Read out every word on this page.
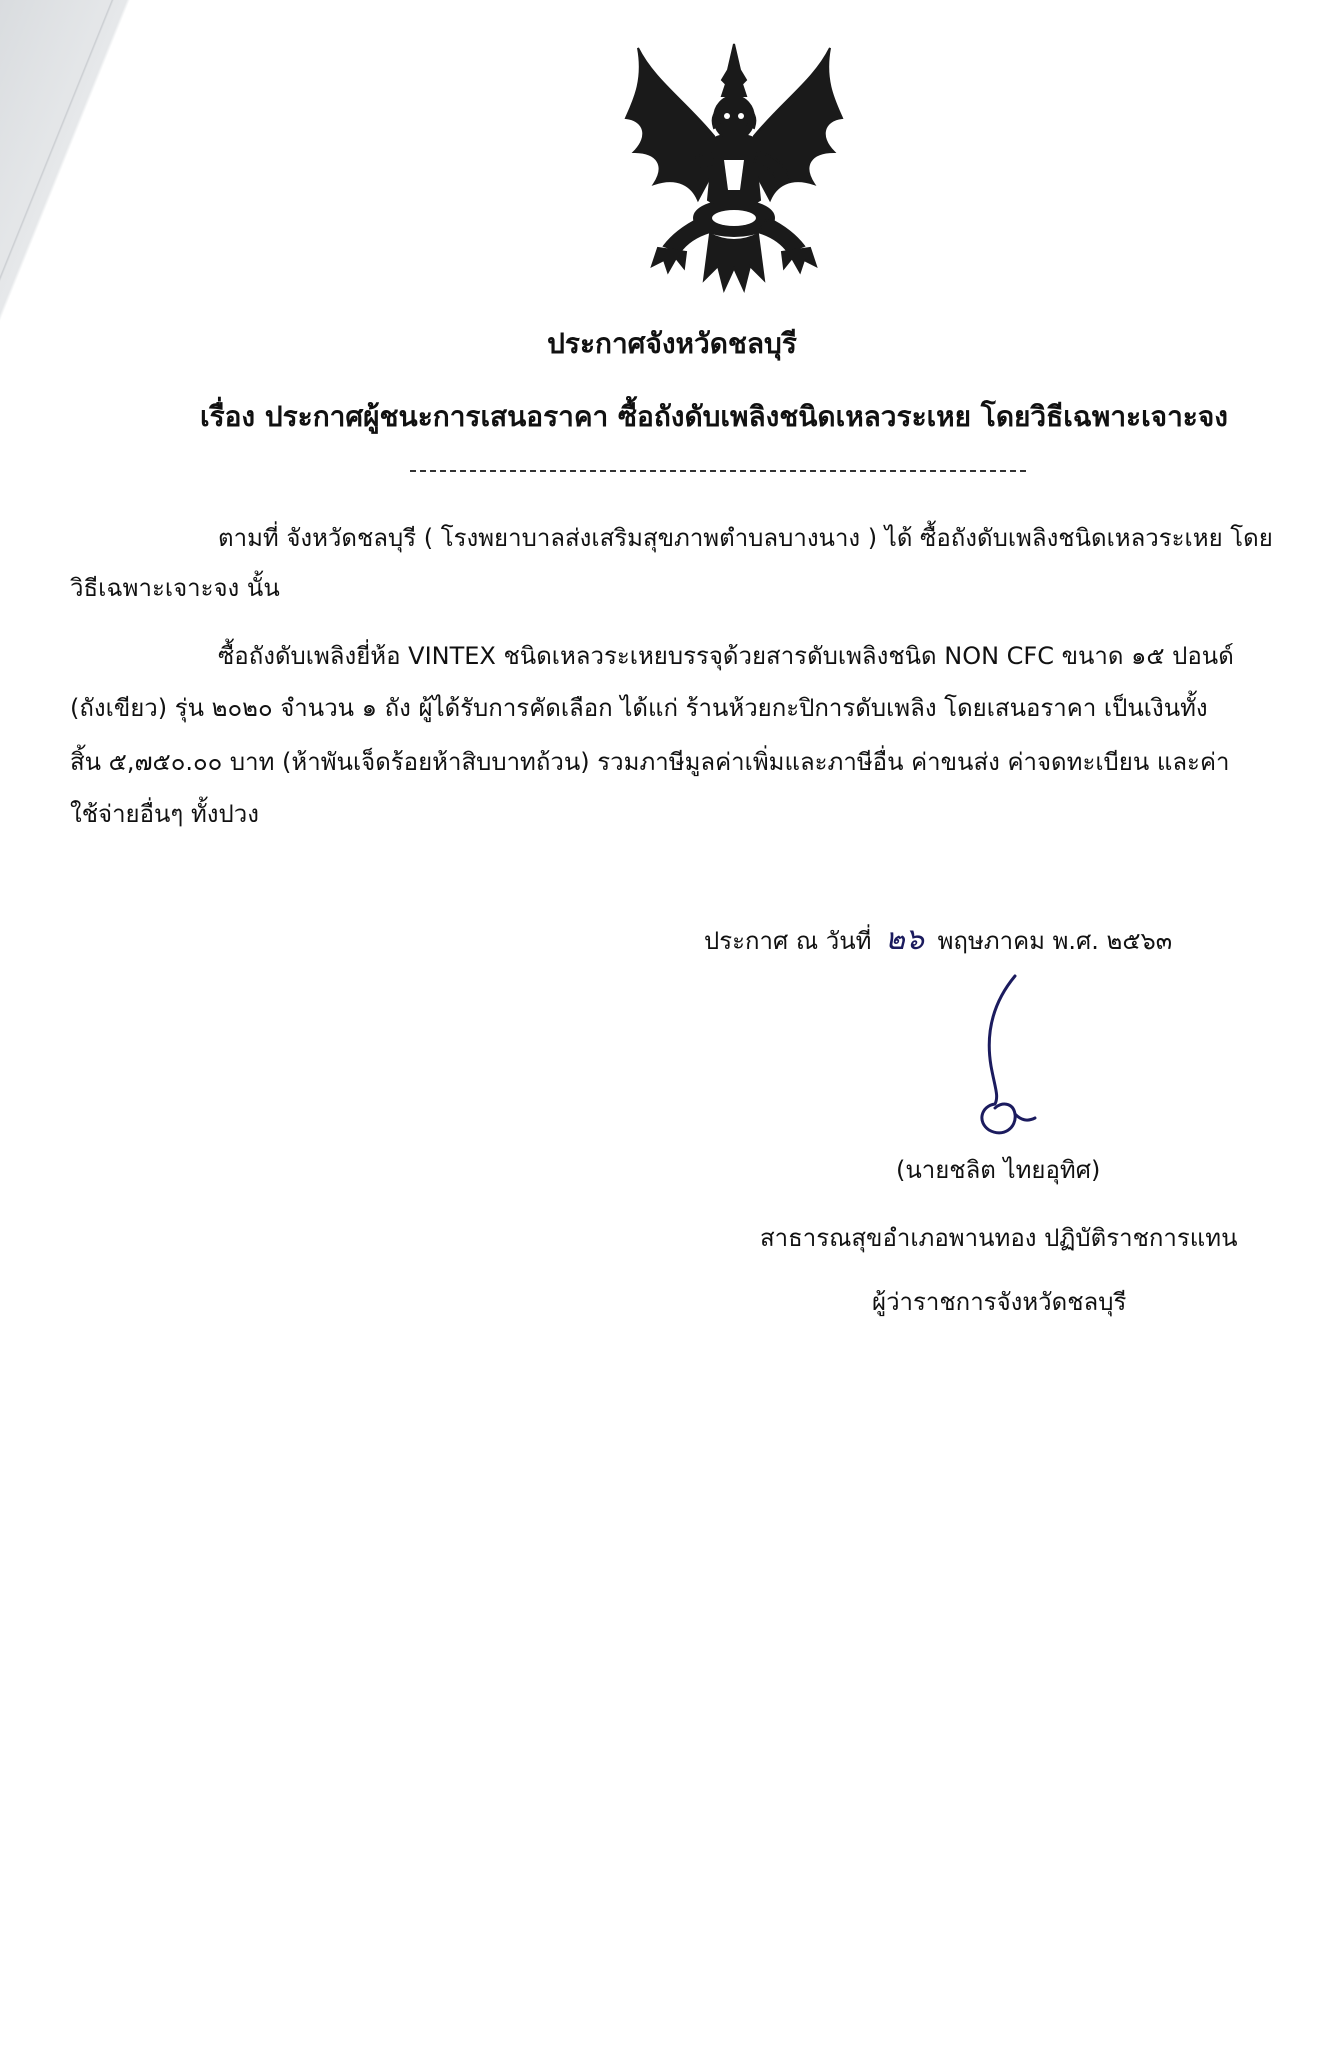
ประกาศจังหวัดชลบุรี
เรื่อง ประกาศผู้ชนะการเสนอราคา ซื้อถังดับเพลิงชนิดเหลวระเหย โดยวิธีเฉพาะเจาะจง
ตามที่ จังหวัดชลบุรี ( โรงพยาบาลส่งเสริมสุขภาพตำบลบางนาง ) ได้ ซื้อถังดับเพลิงชนิดเหลวระเหย โดย
วิธีเฉพาะเจาะจง นั้น
ซื้อถังดับเพลิงยี่ห้อ VINTEX ชนิดเหลวระเหยบรรจุด้วยสารดับเพลิงชนิด NON CFC ขนาด ๑๕ ปอนด์
(ถังเขียว) รุ่น ๒๐๒๐ จำนวน ๑ ถัง ผู้ได้รับการคัดเลือก ได้แก่ ร้านห้วยกะปิการดับเพลิง โดยเสนอราคา เป็นเงินทั้ง
สิ้น ๕,๗๕๐.๐๐ บาท (ห้าพันเจ็ดร้อยห้าสิบบาทถ้วน) รวมภาษีมูลค่าเพิ่มและภาษีอื่น ค่าขนส่ง ค่าจดทะเบียน และค่า
ใช้จ่ายอื่นๆ ทั้งปวง
ประกาศ ณ วันที่ ๒๖ พฤษภาคม พ.ศ. ๒๕๖๓
(นายชลิต ไทยอุทิศ)
สาธารณสุขอำเภอพานทอง ปฏิบัติราชการแทน
ผู้ว่าราชการจังหวัดชลบุรี
